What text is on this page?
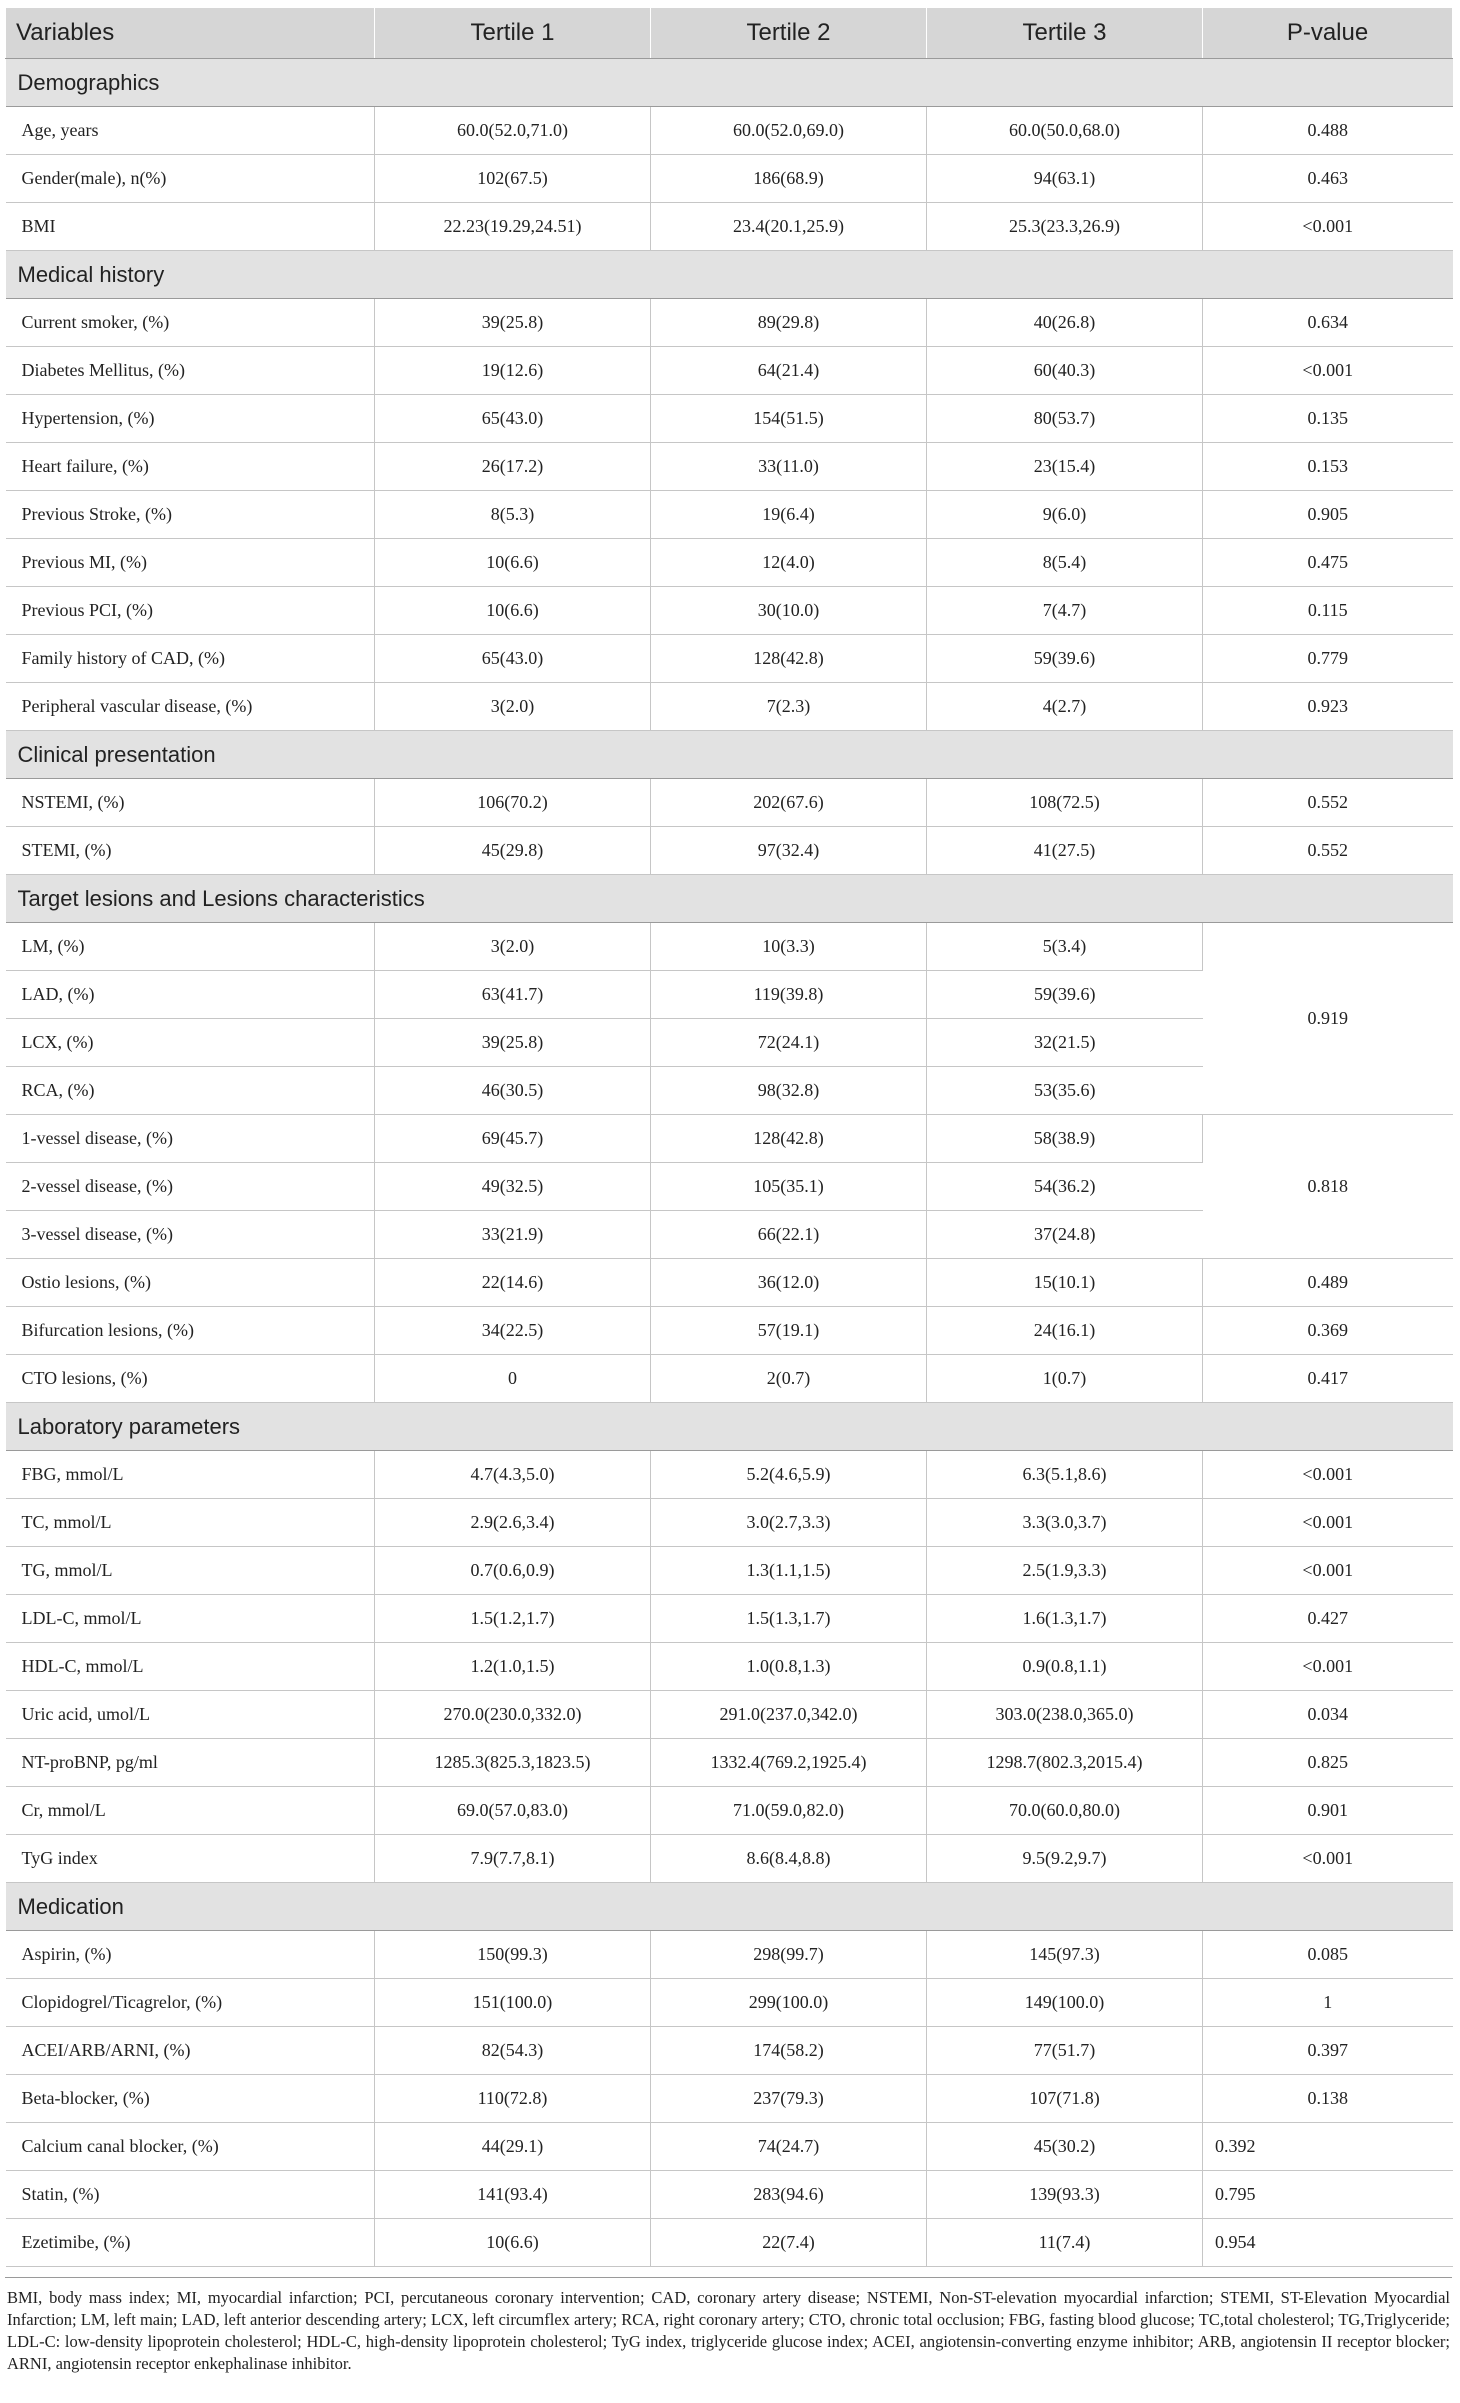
Variables	Tertile 1	Tertile 2	Tertile 3	P-value
Demographics				
Age, years	60.0(52.0,71.0)	60.0(52.0,69.0)	60.0(50.0,68.0)	0.488
Gender(male), n(%)	102(67.5)	186(68.9)	94(63.1)	0.463
BMI	22.23(19.29,24.51)	23.4(20.1,25.9)	25.3(23.3,26.9)	<0.001
Medical history				
Current smoker, (%)	39(25.8)	89(29.8)	40(26.8)	0.634
Diabetes Mellitus, (%)	19(12.6)	64(21.4)	60(40.3)	<0.001
Hypertension, (%)	65(43.0)	154(51.5)	80(53.7)	0.135
Heart failure, (%)	26(17.2)	33(11.0)	23(15.4)	0.153
Previous Stroke, (%)	8(5.3)	19(6.4)	9(6.0)	0.905
Previous MI, (%)	10(6.6)	12(4.0)	8(5.4)	0.475
Previous PCI, (%)	10(6.6)	30(10.0)	7(4.7)	0.115
Family history of CAD, (%)	65(43.0)	128(42.8)	59(39.6)	0.779
Peripheral vascular disease, (%)	3(2.0)	7(2.3)	4(2.7)	0.923
Clinical presentation				
NSTEMI, (%)	106(70.2)	202(67.6)	108(72.5)	0.552
STEMI, (%)	45(29.8)	97(32.4)	41(27.5)	0.552
Target lesions and Lesions characteristics				
LM, (%)	3(2.0)	10(3.3)	5(3.4)	0.919
LAD, (%)	63(41.7)	119(39.8)	59(39.6)	
LCX, (%)	39(25.8)	72(24.1)	32(21.5)	
RCA, (%)	46(30.5)	98(32.8)	53(35.6)	
1-vessel disease, (%)	69(45.7)	128(42.8)	58(38.9)	0.818
2-vessel disease, (%)	49(32.5)	105(35.1)	54(36.2)	
3-vessel disease, (%)	33(21.9)	66(22.1)	37(24.8)	
Ostio lesions, (%)	22(14.6)	36(12.0)	15(10.1)	0.489
Bifurcation lesions, (%)	34(22.5)	57(19.1)	24(16.1)	0.369
CTO lesions, (%)	0	2(0.7)	1(0.7)	0.417
Laboratory parameters				
FBG, mmol/L	4.7(4.3,5.0)	5.2(4.6,5.9)	6.3(5.1,8.6)	<0.001
TC, mmol/L	2.9(2.6,3.4)	3.0(2.7,3.3)	3.3(3.0,3.7)	<0.001
TG, mmol/L	0.7(0.6,0.9)	1.3(1.1,1.5)	2.5(1.9,3.3)	<0.001
LDL-C, mmol/L	1.5(1.2,1.7)	1.5(1.3,1.7)	1.6(1.3,1.7)	0.427
HDL-C, mmol/L	1.2(1.0,1.5)	1.0(0.8,1.3)	0.9(0.8,1.1)	<0.001
Uric acid, umol/L	270.0(230.0,332.0)	291.0(237.0,342.0)	303.0(238.0,365.0)	0.034
NT-proBNP, pg/ml	1285.3(825.3,1823.5)	1332.4(769.2,1925.4)	1298.7(802.3,2015.4)	0.825
Cr, mmol/L	69.0(57.0,83.0)	71.0(59.0,82.0)	70.0(60.0,80.0)	0.901
TyG index	7.9(7.7,8.1)	8.6(8.4,8.8)	9.5(9.2,9.7)	<0.001
Medication				
Aspirin, (%)	150(99.3)	298(99.7)	145(97.3)	0.085
Clopidogrel/Ticagrelor, (%)	151(100.0)	299(100.0)	149(100.0)	1
ACEI/ARB/ARNI, (%)	82(54.3)	174(58.2)	77(51.7)	0.397
Beta-blocker, (%)	110(72.8)	237(79.3)	107(71.8)	0.138
Calcium canal blocker, (%)	44(29.1)	74(24.7)	45(30.2)	0.392
Statin, (%)	141(93.4)	283(94.6)	139(93.3)	0.795
Ezetimibe, (%)	10(6.6)	22(7.4)	11(7.4)	0.954
BMI, body mass index; MI, myocardial infarction; PCI, percutaneous coronary intervention; CAD, coronary artery disease; NSTEMI, Non-ST-elevation myocardial infarction; STEMI, ST-Elevation Myocardial Infarction; LM, left main; LAD, left anterior descending artery; LCX, left circumflex artery; RCA, right coronary artery; CTO, chronic total occlusion; FBG, fasting blood glucose; TC,total cholesterol; TG,Triglyceride; LDL-C: low-density lipoprotein cholesterol; HDL-C, high-density lipoprotein cholesterol; TyG index, triglyceride glucose index; ACEI, angiotensin-converting enzyme inhibitor; ARB, angiotensin II receptor blocker; ARNI, angiotensin receptor enkephalinase inhibitor.
